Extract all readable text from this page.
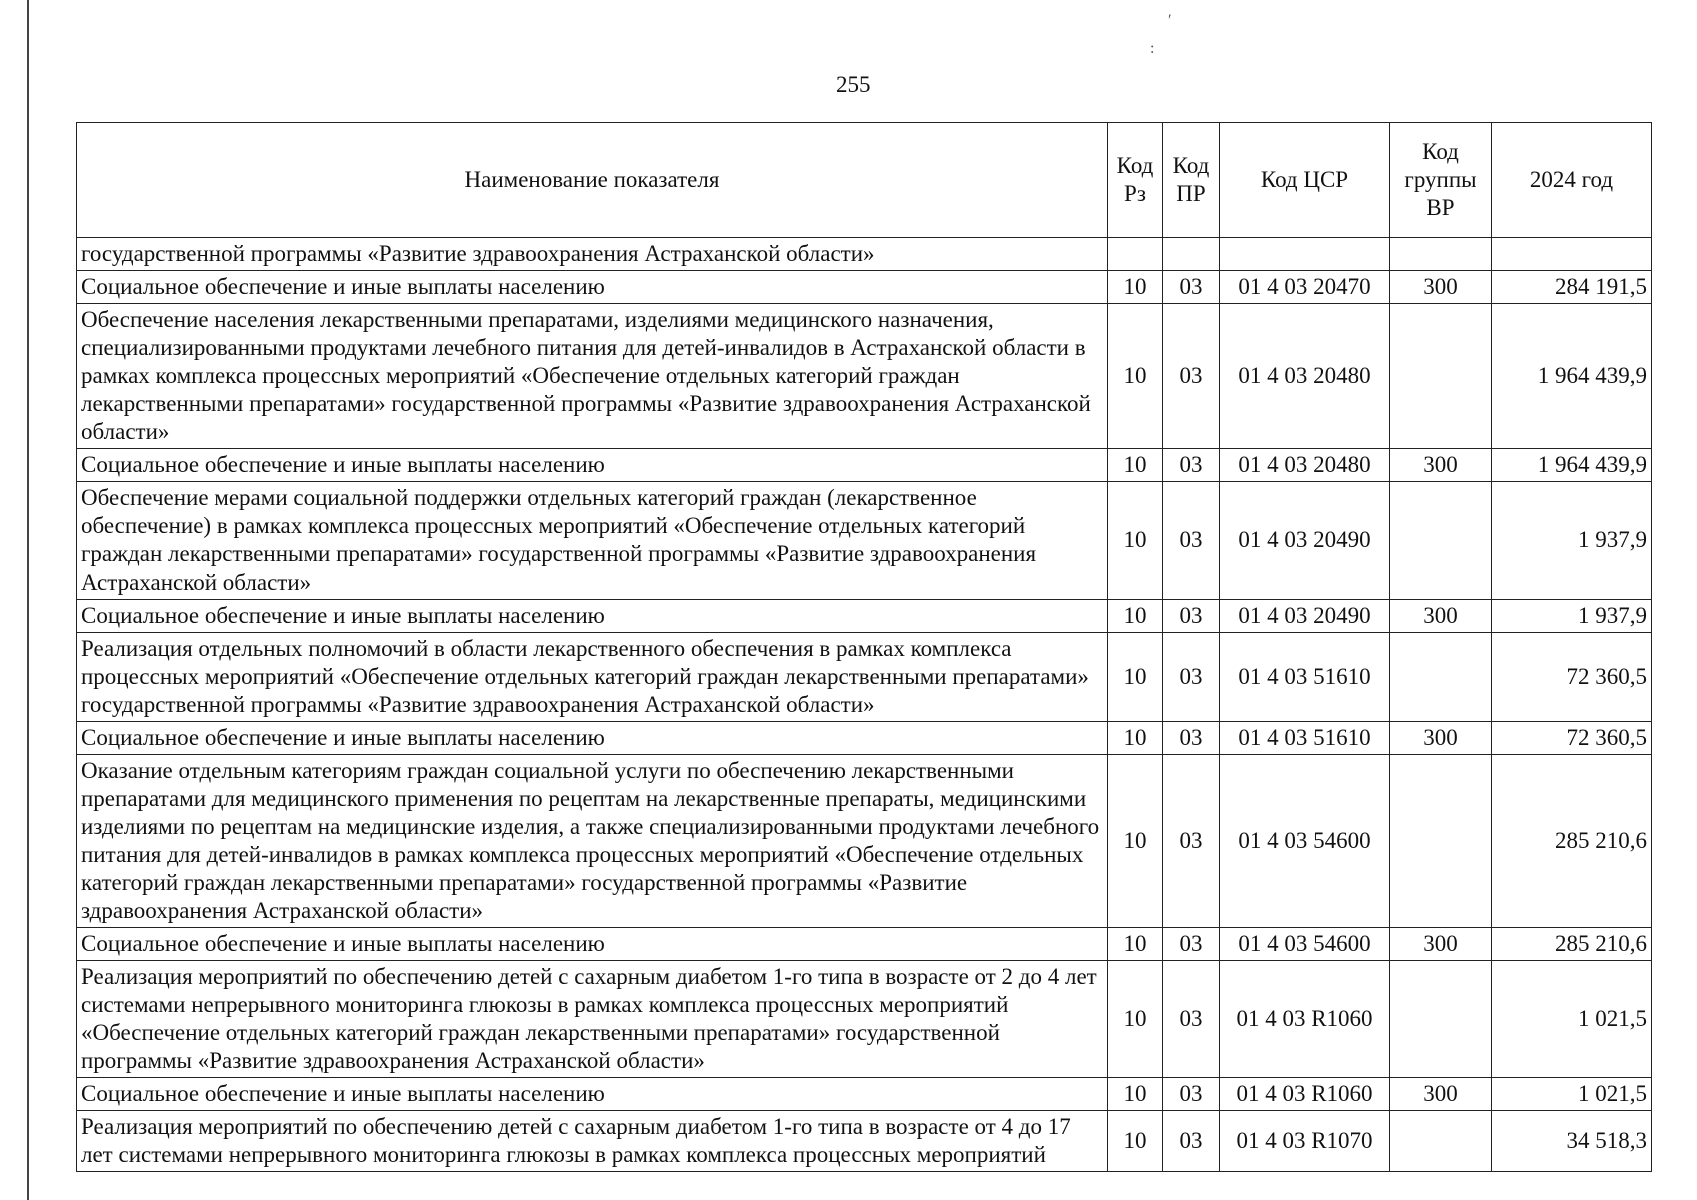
′
:
255
Наименование показателя	Код Рз	Код ПР	Код ЦСР	Код группы ВР	2024 год
государственной программы «Развитие здравоохранения Астраханской области»					
Социальное обеспечение и иные выплаты населению	10	03	01 4 03 20470	300	284 191,5
Обеспечение населения лекарственными препаратами, изделиями медицинского назначения, специализированными продуктами лечебного питания для детей-инвалидов в Астраханской области в рамках комплекса процессных мероприятий «Обеспечение отдельных категорий граждан лекарственными препаратами» государственной программы «Развитие здравоохранения Астраханской области»	10	03	01 4 03 20480		1 964 439,9
Социальное обеспечение и иные выплаты населению	10	03	01 4 03 20480	300	1 964 439,9
Обеспечение мерами социальной поддержки отдельных категорий граждан (лекарственное обеспечение) в рамках комплекса процессных мероприятий «Обеспечение отдельных категорий граждан лекарственными препаратами» государственной программы «Развитие здравоохранения Астраханской области»	10	03	01 4 03 20490		1 937,9
Социальное обеспечение и иные выплаты населению	10	03	01 4 03 20490	300	1 937,9
Реализация отдельных полномочий в области лекарственного обеспечения в рамках комплекса процессных мероприятий «Обеспечение отдельных категорий граждан лекарственными препаратами» государственной программы «Развитие здравоохранения Астраханской области»	10	03	01 4 03 51610		72 360,5
Социальное обеспечение и иные выплаты населению	10	03	01 4 03 51610	300	72 360,5
Оказание отдельным категориям граждан социальной услуги по обеспечению лекарственными препаратами для медицинского применения по рецептам на лекарственные препараты, медицинскими изделиями по рецептам на медицинские изделия, а также специализированными продуктами лечебного питания для детей-инвалидов в рамках комплекса процессных мероприятий «Обеспечение отдельных категорий граждан лекарственными препаратами» государственной программы «Развитие здравоохранения Астраханской области»	10	03	01 4 03 54600		285 210,6
Социальное обеспечение и иные выплаты населению	10	03	01 4 03 54600	300	285 210,6
Реализация мероприятий по обеспечению детей с сахарным диабетом 1-го типа в возрасте от 2 до 4 лет системами непрерывного мониторинга глюкозы в рамках комплекса процессных мероприятий «Обеспечение отдельных категорий граждан лекарственными препаратами» государственной программы «Развитие здравоохранения Астраханской области»	10	03	01 4 03 R1060		1 021,5
Социальное обеспечение и иные выплаты населению	10	03	01 4 03 R1060	300	1 021,5
Реализация мероприятий по обеспечению детей с сахарным диабетом 1-го типа в возрасте от 4 до 17 лет системами непрерывного мониторинга глюкозы в рамках комплекса процессных мероприятий	10	03	01 4 03 R1070		34 518,3
